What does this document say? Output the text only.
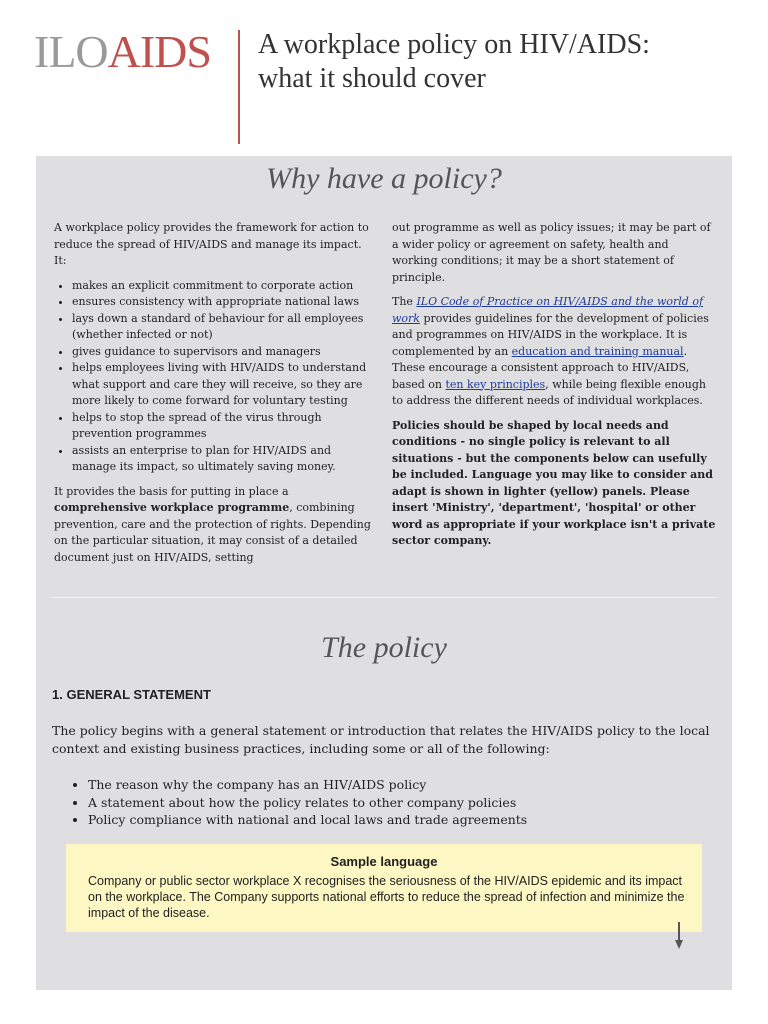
ILOAIDS A workplace policy on HIV/AIDS:
what it should cover
Why have a policy?

A workplace policy provides the framework for action to reduce the spread of HIV/AIDS and manage its impact. It:

• makes an explicit commitment to corporate action
• ensures consistency with appropriate national laws
• lays down a standard of behaviour for all employees (whether infected or not)
• gives guidance to supervisors and managers
• helps employees living with HIV/AIDS to understand what support and care they will receive, so they are more likely to come forward for voluntary testing
• helps to stop the spread of the virus through prevention programmes
• assists an enterprise to plan for HIV/AIDS and manage its impact, so ultimately saving money.

It provides the basis for putting in place a comprehensive workplace programme, combining prevention, care and the protection of rights. Depending on the particular situation, it may consist of a detailed document just on HIV/AIDS, setting

out programme as well as policy issues; it may be part of a wider policy or agreement on safety, health and working conditions; it may be a short statement of principle.

The ILO Code of Practice on HIV/AIDS and the world of work provides guidelines for the development of policies and programmes on HIV/AIDS in the workplace. It is complemented by an education and training manual. These encourage a consistent approach to HIV/AIDS, based on ten key principles, while being flexible enough to address the different needs of individual workplaces.

Policies should be shaped by local needs and conditions - no single policy is relevant to all situations - but the components below can usefully be included. Language you may like to consider and adapt is shown in lighter (yellow) panels. Please insert 'Ministry', 'department', 'hospital' or other word as appropriate if your workplace isn't a private sector company.

The policy
1. GENERAL STATEMENT
The policy begins with a general statement or introduction that relates the HIV/AIDS policy to the local context and existing business practices, including some or all of the following:
• The reason why the company has an HIV/AIDS policy
• A statement about how the policy relates to other company policies
• Policy compliance with national and local laws and trade agreements
Sample language
Company or public sector workplace X recognises the seriousness of the HIV/AIDS epidemic and its impact on the workplace. The Company supports national efforts to reduce the spread of infection and minimize the impact of the disease.
